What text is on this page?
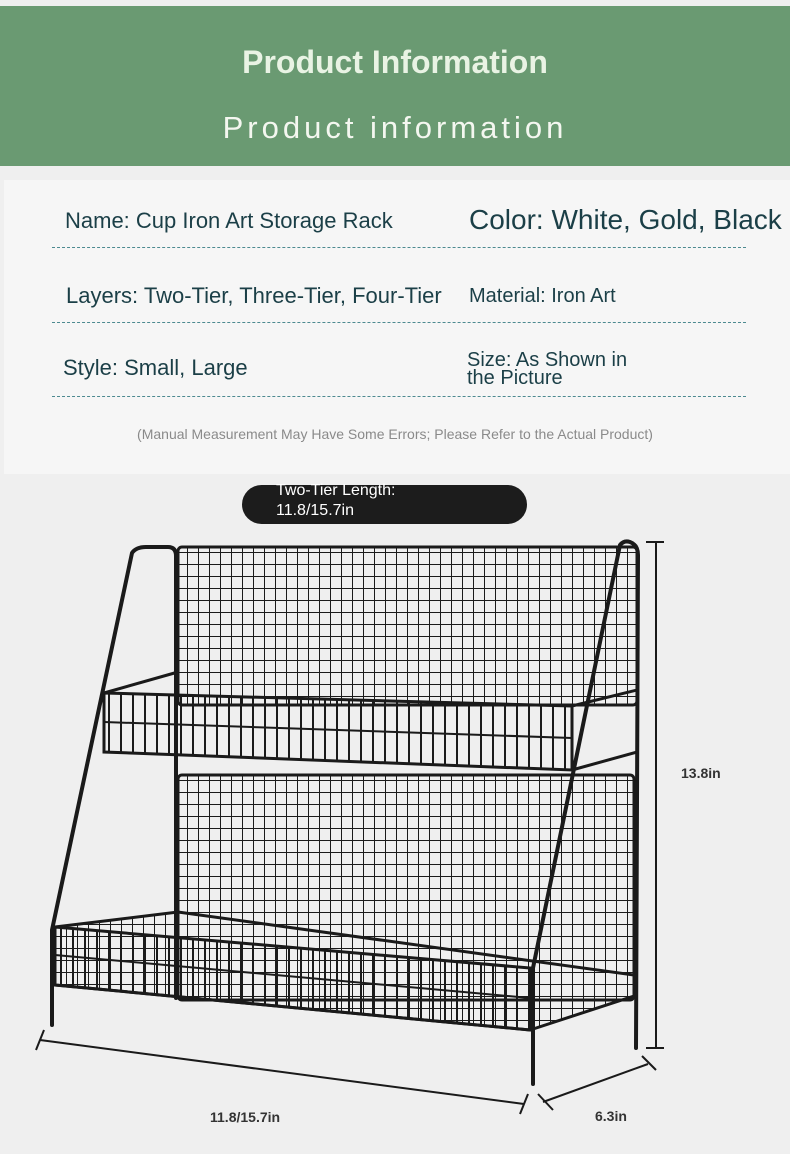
Product Information
Product information
Name: Cup Iron Art Storage Rack	Color: White, Gold, Black
Layers: Two-Tier, Three-Tier, Four-Tier Material: Iron Art
Style: Small, Large	Size: As Shown in
the Picture
(Manual Measurement May Have Some Errors; Please Refer to the Actual Product)
Two-Tier Length:
11.8/15.7in
13.8in
11.8/15.7in	6.3in
